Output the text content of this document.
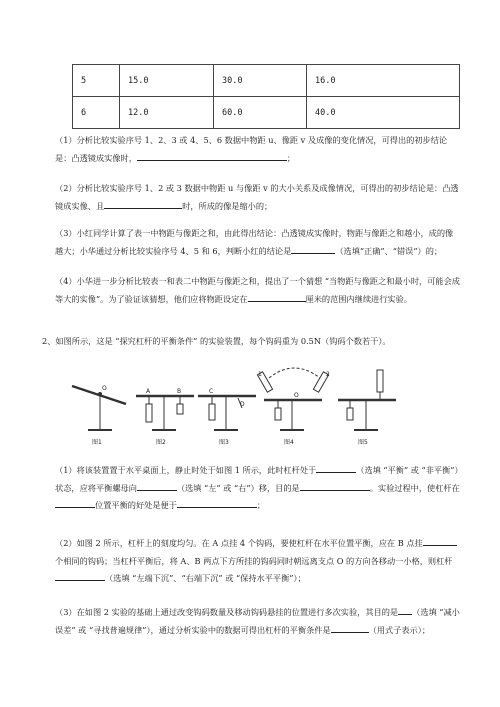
5	15.0	30.0	16.0
6	12.0	60.0	40.0

（1）分析比较实验序号 1、2、3 或 4、5、6 数据中物距 u、像距 v 及成像的变化情况，可得出的初步结论是：凸透镜成实像时，	；

（2）分析比较实验序号 1、2 或 3 数据中物距 u 与像距 v 的大小关系及成像情况，可得出的初步结论是：凸透镜成实像、且	时，所成的像是缩小的；

（3）小红同学计算了表一中物距与像距之和，由此得出结论：凸透镜成实像时，物距与像距之和越小，成的像越大；小华通过分析比较实验序号 4、5 和 6，判断小红的结论是	（选填“正确”、“错误”）的；

（4）小华进一步分析比较表一和表二中物距与像距之和，提出了一个猜想 “当物距与像距之和最小时，可能会成等大的实像”。为了验证该猜想，他们应将物距设定在	厘米的范围内继续进行实验。

2、如图所示，这是 “探究杠杆的平衡条件” 的实验装置，每个钩码重为 0.5N（钩码个数若干）。

O	A	B	C
D
O
1	2
图1	图2	图3	图4	图5

（1）将该装置置于水平桌面上，静止时处于如图 1 所示，此时杠杆处于	（选填 “平衡” 或 “非平衡”）状态，应将平衡螺母向	（选填 “左” 或 “右”）移，目的是	。实验过程中，使杠杆在位置平衡的好处是便于	；

（2）如图 2 所示，杠杆上的刻度均匀。在 A 点挂 4 个钩码，要使杠杆在水平位置平衡，应在 B 点挂个相同的钩码；当杠杆平衡后，将 A、B 两点下方所挂的钩码同时朝远离支点 O 的方向各移动一小格，则杠杆（选填 “左端下沉”、“右端下沉” 或 “保持水平平衡”）；

（3）在如图 2 实验的基础上通过改变钩码数量及移动钩码悬挂的位置进行多次实验，其目的是 （选填 “减小误差” 或 “寻找普遍规律”），通过分析实验中的数据可得出杠杆的平衡条件是	（用式子表示）；
